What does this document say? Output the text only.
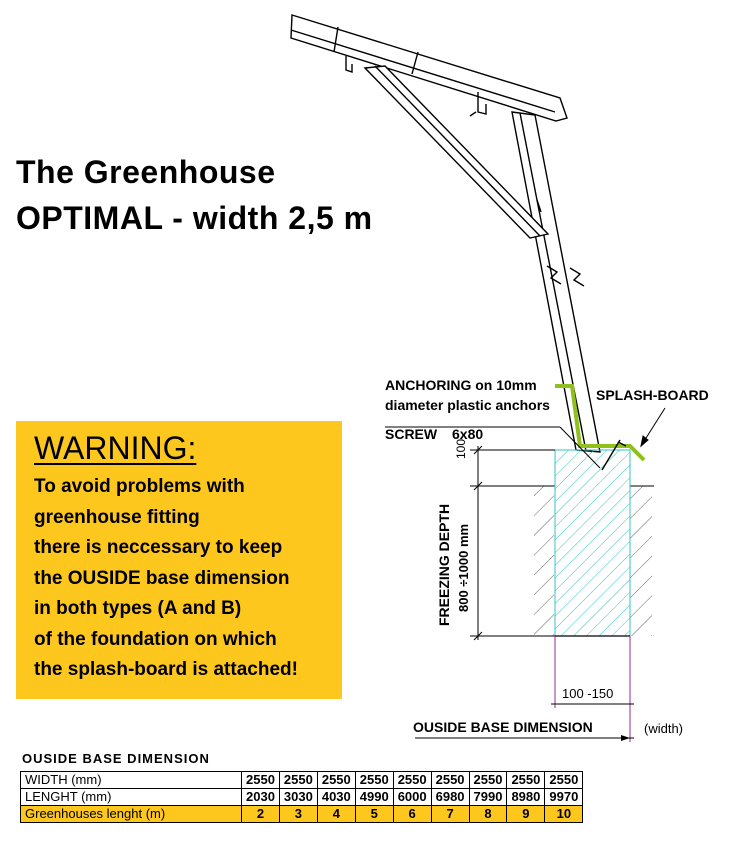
The Greenhouse
OPTIMAL - width 2,5 m
ANCHORING on 10mm
diameter plastic anchors
SCREW 6x80
SPLASH-BOARD
100
FREEZING DEPTH 800 ÷1000 mm
100 -150
OUSIDE BASE DIMENSION	(width)
WARNING:
To avoid problems with
greenhouse fitting
there is neccessary to keep
the OUSIDE base dimension
in both types (A and B)
of the foundation on which
the splash-board is attached!
OUSIDE BASE DIMENSION
WIDTH (mm)	2550	2550	2550	2550	2550	2550	2550	2550	2550
LENGHT (mm)	2030	3030	4030	4990	6000	6980	7990	8980	9970
Greenhouses lenght (m)	2	3	4	5	6	7	8	9	10
